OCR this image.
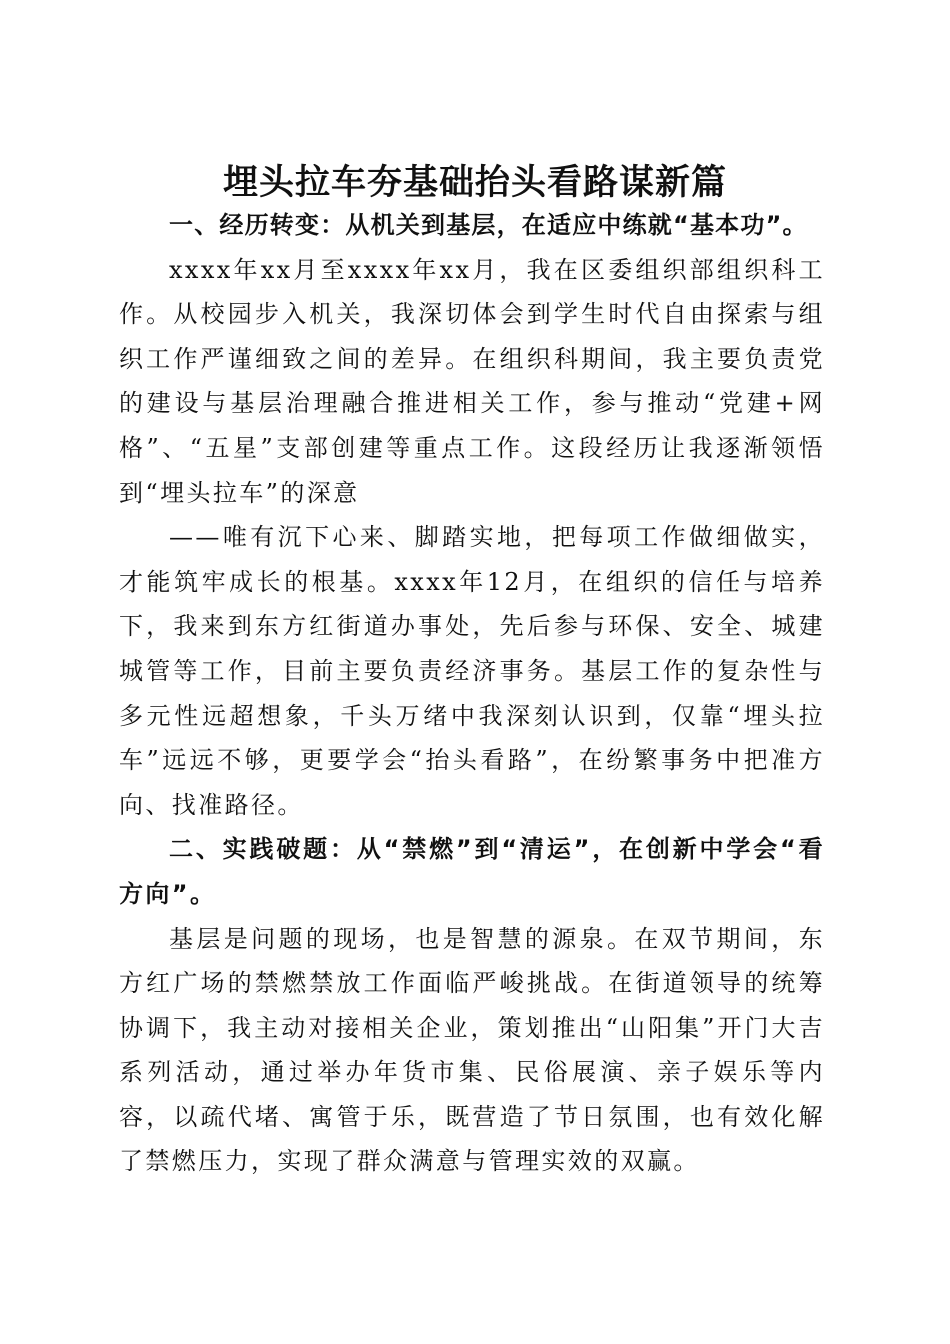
埋头拉车夯基础抬头看路谋新篇

一、经历转变：从机关到基层，在适应中练就“基本功”。

xxxx年xx月至xxxx年xx月，我在区委组织部组织科工作。从校园步入机关，我深切体会到学生时代自由探索与组织工作严谨细致之间的差异。在组织科期间，我主要负责党的建设与基层治理融合推进相关工作，参与推动“党建+网格”、“五星”支部创建等重点工作。这段经历让我逐渐领悟到“埋头拉车”的深意

——唯有沉下心来、脚踏实地，把每项工作做细做实，才能筑牢成长的根基。xxxx年12月，在组织的信任与培养下，我来到东方红街道办事处，先后参与环保、安全、城建城管等工作，目前主要负责经济事务。基层工作的复杂性与多元性远超想象，千头万绪中我深刻认识到，仅靠“埋头拉车”远远不够，更要学会“抬头看路”，在纷繁事务中把准方向、找准路径。

二、实践破题：从“禁燃”到“清运”，在创新中学会“看方向”。

基层是问题的现场，也是智慧的源泉。在双节期间，东方红广场的禁燃禁放工作面临严峻挑战。在街道领导的统筹协调下，我主动对接相关企业，策划推出“山阳集”开门大吉系列活动，通过举办年货市集、民俗展演、亲子娱乐等内容，以疏代堵、寓管于乐，既营造了节日氛围，也有效化解了禁燃压力，实现了群众满意与管理实效的双赢。
